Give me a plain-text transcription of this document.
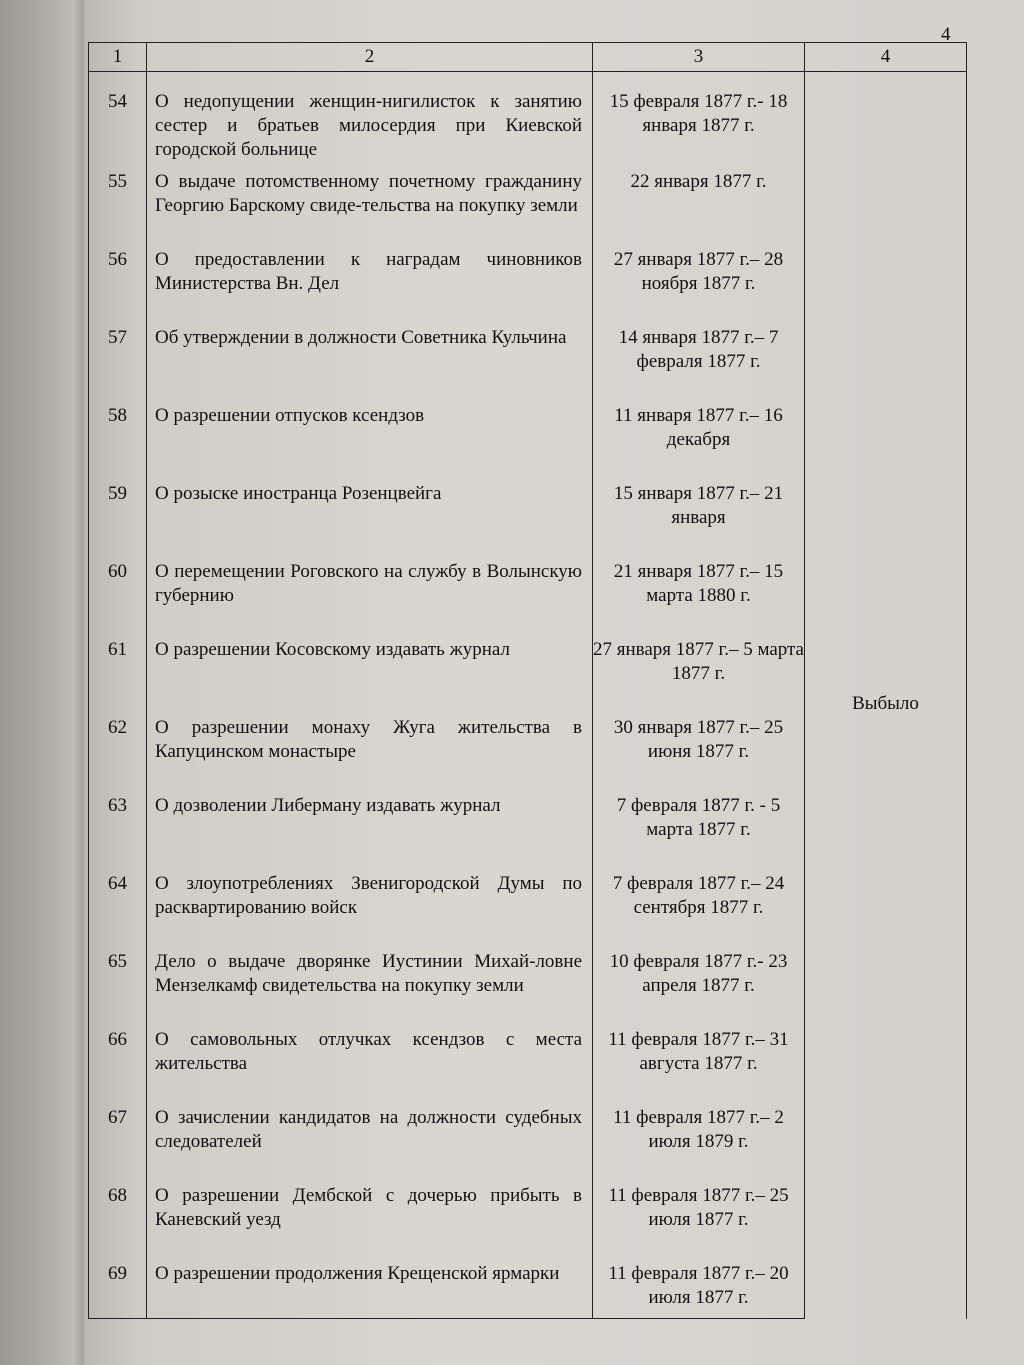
4

1	2	3	4
54	О недопущении женщин-нигилисток к занятию сестер и братьев милосердия при Киевской городской больнице	15 февраля 1877 г.- 18 января 1877 г.	Выбыло

55	О выдаче потомственному почетному гражданину Георгию Барскому свиде-тельства на покупку земли	22 января 1877 г.	
56	О предоставлении к наградам чиновников Министерства Вн. Дел	27 января 1877 г.– 28 ноября 1877 г.	
57	Об утверждении в должности Советника Кульчина	14 января 1877 г.– 7 февраля 1877 г.	
58	О разрешении отпусков ксендзов	11 января 1877 г.– 16 декабря	
59	О розыске иностранца Розенцвейга	15 января 1877 г.– 21 января	
60	О перемещении Роговского на службу в Волынскую губернию	21 января 1877 г.– 15 марта 1880 г.	
61	О разрешении Косовскому издавать журнал	27 января 1877 г.– 5 марта 1877 г.	
62	О разрешении монаху Жуга жительства в Капуцинском монастыре	30 января 1877 г.– 25 июня 1877 г.	
63	О дозволении Либерману издавать журнал	7 февраля 1877 г. - 5 марта 1877 г.	
64	О злоупотреблениях Звенигородской Думы по расквартированию войск	7 февраля 1877 г.– 24 сентября 1877 г.	
65	Дело о выдаче дворянке Иустинии Михай-ловне Мензелкамф свидетельства на покупку земли	10 февраля 1877 г.- 23 апреля 1877 г.	
66	О самовольных отлучках ксендзов с места жительства	11 февраля 1877 г.– 31 августа 1877 г.	
67	О зачислении кандидатов на должности судебных следователей	11 февраля 1877 г.– 2 июля 1879 г.	
68	О разрешении Дембской с дочерью прибыть в Каневский уезд	11 февраля 1877 г.– 25 июля 1877 г.	
69	О разрешении продолжения Крещенской ярмарки	11 февраля 1877 г.– 20 июля 1877 г.	
